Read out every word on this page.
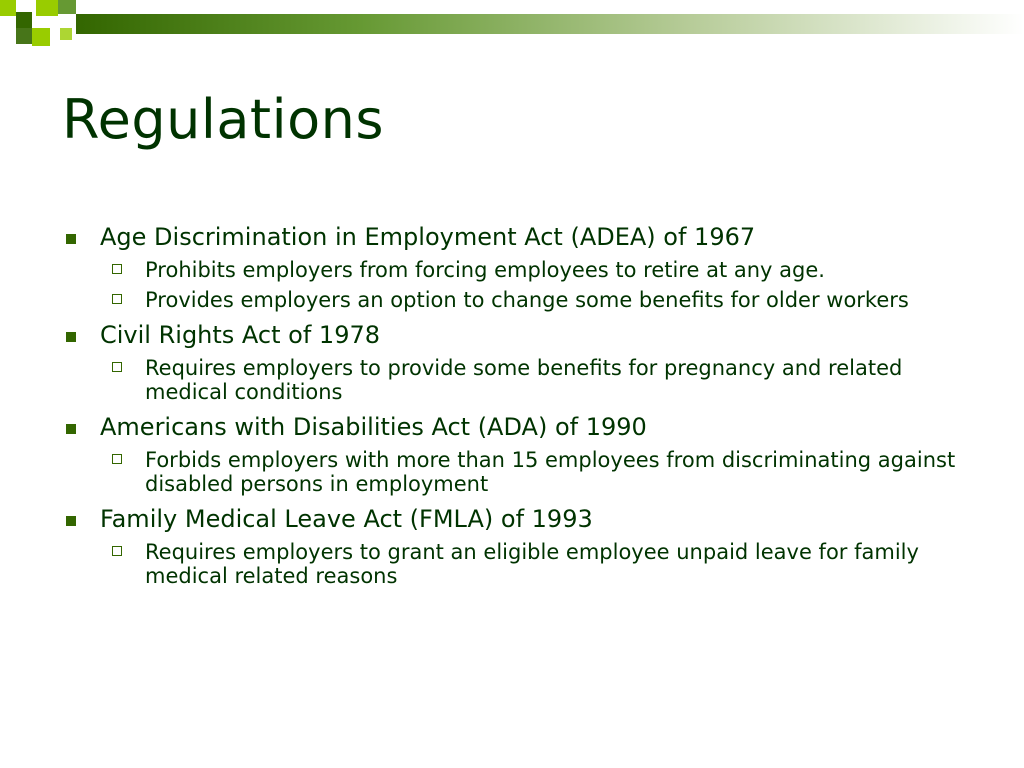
Regulations
Age Discrimination in Employment Act (ADEA) of 1967
Prohibits employers from forcing employees to retire at any age.
Provides employers an option to change some benefits for older workers
Civil Rights Act of 1978
Requires employers to provide some benefits for pregnancy and related medical conditions
Americans with Disabilities Act (ADA) of 1990
Forbids employers with more than 15 employees from discriminating against disabled persons in employment
Family Medical Leave Act (FMLA) of 1993
Requires employers to grant an eligible employee unpaid leave for family medical related reasons
